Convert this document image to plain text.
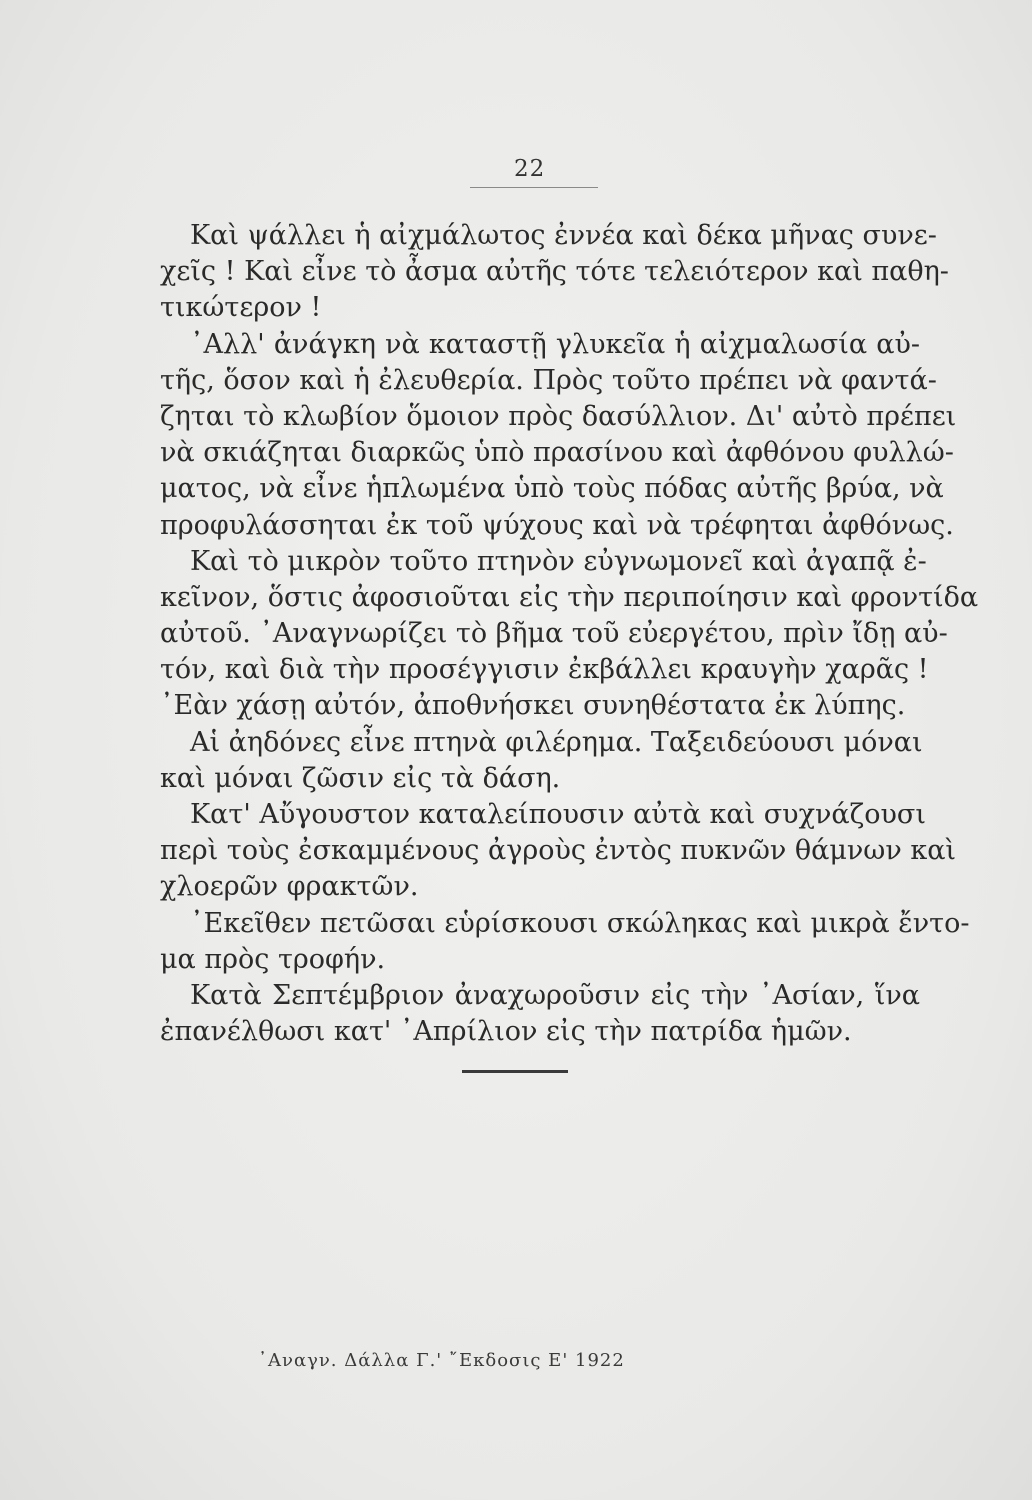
22
Καὶ ψάλλει ἡ αἰχμάλωτος ἐννέα καὶ δέκα μῆνας συνε-
χεῖς ! Καὶ εἶνε τὸ ἆσμα αὐτῆς τότε τελειότερον καὶ παθη-
τικώτερον !
᾿Αλλ' ἀνάγκη νὰ καταστῇ γλυκεῖα ἡ αἰχμαλωσία αὐ-
τῆς, ὅσον καὶ ἡ ἐλευθερία. Πρὸς τοῦτο πρέπει νὰ φαντά-
ζηται τὸ κλωβίον ὅμοιον πρὸς δασύλλιον. Δι' αὐτὸ πρέπει
νὰ σκιάζηται διαρκῶς ὑπὸ πρασίνου καὶ ἀφθόνου φυλλώ-
ματος, νὰ εἶνε ἡπλωμένα ὑπὸ τοὺς πόδας αὐτῆς βρύα, νὰ
προφυλάσσηται ἐκ τοῦ ψύχους καὶ νὰ τρέφηται ἀφθόνως.
Καὶ τὸ μικρὸν τοῦτο πτηνὸν εὐγνωμονεῖ καὶ ἀγαπᾷ ἐ-
κεῖνον, ὅστις ἀφοσιοῦται εἰς τὴν περιποίησιν καὶ φροντίδα
αὐτοῦ. ᾿Αναγνωρίζει τὸ βῆμα τοῦ εὐεργέτου, πρὶν ἴδῃ αὐ-
τόν, καὶ διὰ τὴν προσέγγισιν ἐκβάλλει κραυγὴν χαρᾶς !
᾿Εὰν χάσῃ αὐτόν, ἀποθνήσκει συνηθέστατα ἐκ λύπης.
Αἱ ἀηδόνες εἶνε πτηνὰ φιλέρημα. Ταξειδεύουσι μόναι
καὶ μόναι ζῶσιν εἰς τὰ δάση.
Κατ' Αὔγουστον καταλείπουσιν αὐτὰ καὶ συχνάζουσι
περὶ τοὺς ἐσκαμμένους ἀγροὺς ἐντὸς πυκνῶν θάμνων καὶ
χλοερῶν φρακτῶν.
᾿Εκεῖθεν πετῶσαι εὑρίσκουσι σκώληκας καὶ μικρὰ ἔντο-
μα πρὸς τροφήν.
Κατὰ Σεπτέμβριον ἀναχωροῦσιν εἰς τὴν ᾿Ασίαν, ἵνα
ἐπανέλθωσι κατ' ᾿Απρίλιον εἰς τὴν πατρίδα ἡμῶν.
᾿Αναγν. Δάλλα Γ.' ῎Εκδοσις Ε' 1922
